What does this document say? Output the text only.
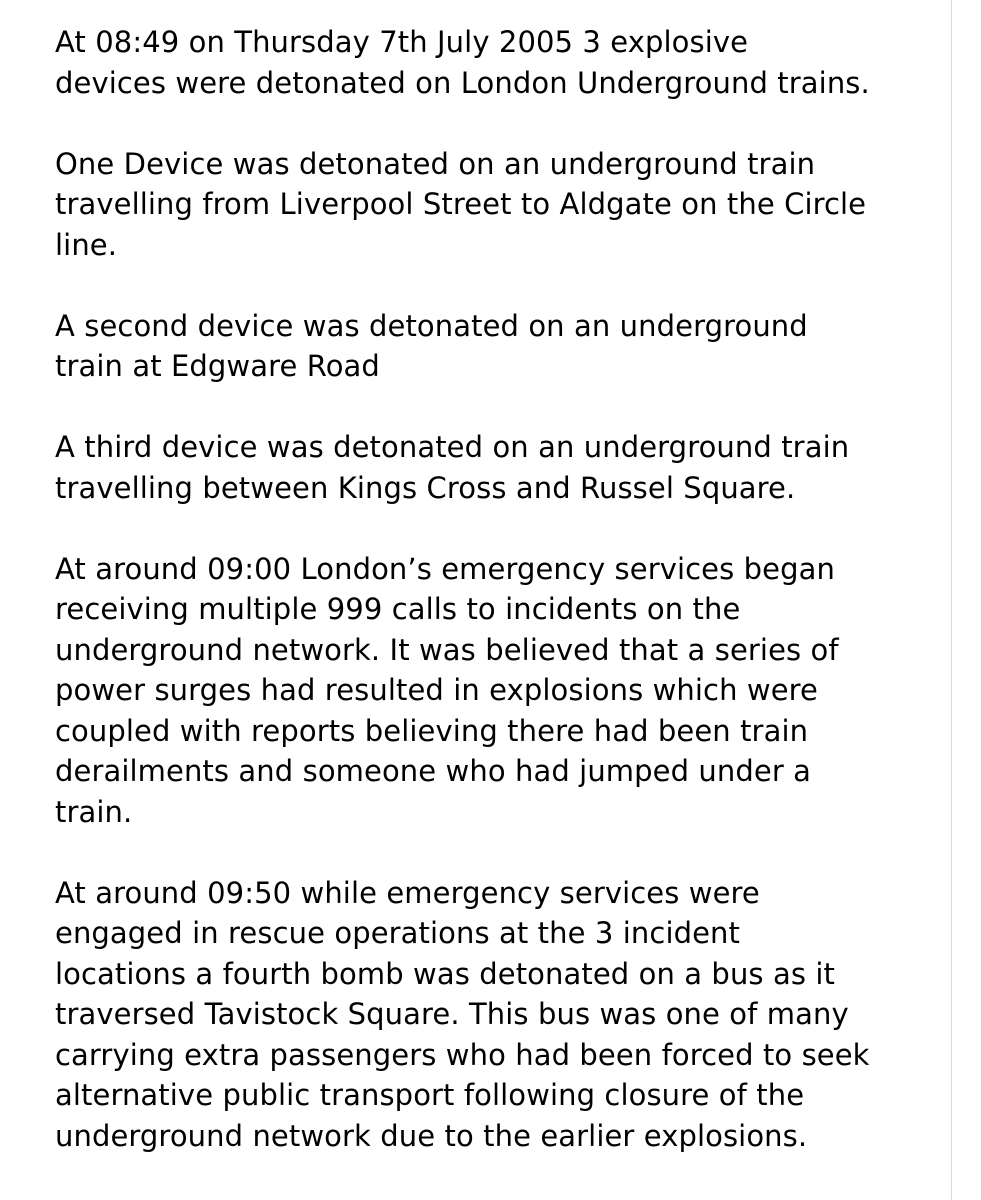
At 08:49 on Thursday 7th July 2005 3 explosive
devices were detonated on London Underground trains.

One Device was detonated on an underground train
travelling from Liverpool Street to Aldgate on the Circle
line.

A second device was detonated on an underground
train at Edgware Road

A third device was detonated on an underground train
travelling between Kings Cross and Russel Square.

At around 09:00 London’s emergency services began
receiving multiple 999 calls to incidents on the
underground network. It was believed that a series of
power surges had resulted in explosions which were
coupled with reports believing there had been train
derailments and someone who had jumped under a
train.

At around 09:50 while emergency services were
engaged in rescue operations at the 3 incident
locations a fourth bomb was detonated on a bus as it
traversed Tavistock Square. This bus was one of many
carrying extra passengers who had been forced to seek
alternative public transport following closure of the
underground network due to the earlier explosions.
